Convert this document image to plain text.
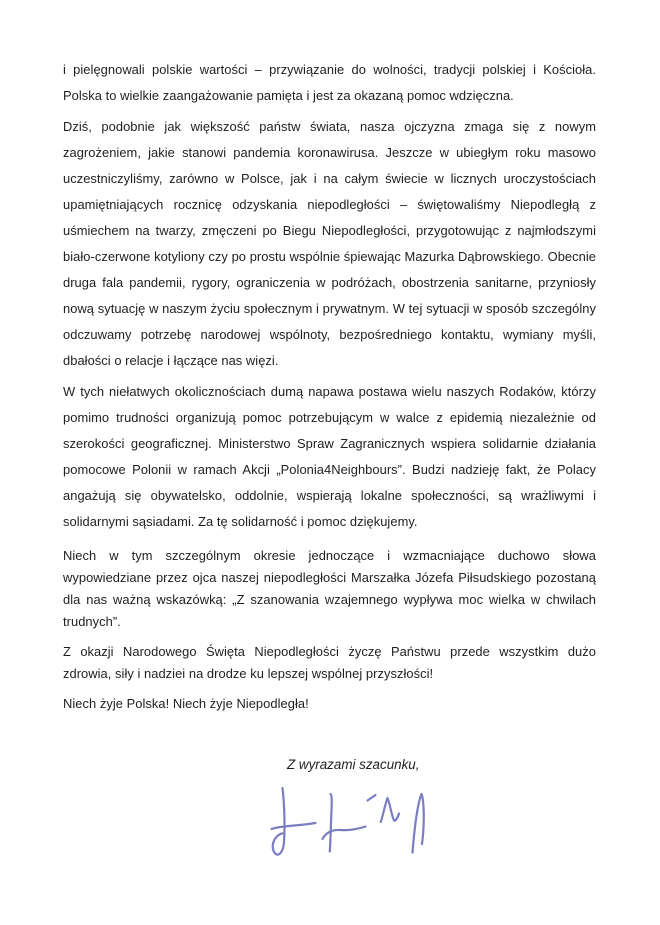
i pielęgnowali polskie wartości – przywiązanie do wolności, tradycji polskiej i Kościoła. Polska to wielkie zaangażowanie pamięta i jest za okazaną pomoc wdzięczna.

Dziś, podobnie jak większość państw świata, nasza ojczyzna zmaga się z nowym zagrożeniem, jakie stanowi pandemia koronawirusa. Jeszcze w ubiegłym roku masowo uczestniczyliśmy, zarówno w Polsce, jak i na całym świecie w licznych uroczystościach upamiętniających rocznicę odzyskania niepodległości – świętowaliśmy Niepodległą z uśmiechem na twarzy, zmęczeni po Biegu Niepodległości, przygotowując z najmłodszymi biało-czerwone kotyliony czy po prostu wspólnie śpiewając Mazurka Dąbrowskiego. Obecnie druga fala pandemii, rygory, ograniczenia w podróżach, obostrzenia sanitarne, przyniosły nową sytuację w naszym życiu społecznym i prywatnym. W tej sytuacji w sposób szczególny odczuwamy potrzebę narodowej wspólnoty, bezpośredniego kontaktu, wymiany myśli, dbałości o relacje i łączące nas więzi.

W tych niełatwych okolicznościach dumą napawa postawa wielu naszych Rodaków, którzy pomimo trudności organizują pomoc potrzebującym w walce z epidemią niezależnie od szerokości geograficznej. Ministerstwo Spraw Zagranicznych wspiera solidarnie działania pomocowe Polonii w ramach Akcji „Polonia4Neighbours”. Budzi nadzieję fakt, że Polacy angażują się obywatelsko, oddolnie, wspierają lokalne społeczności, są wrażliwymi i solidarnymi sąsiadami. Za tę solidarność i pomoc dziękujemy.

Niech w tym szczególnym okresie jednoczące i wzmacniające duchowo słowa wypowiedziane przez ojca naszej niepodległości Marszałka Józefa Piłsudskiego pozostaną dla nas ważną wskazówką: „Z szanowania wzajemnego wypływa moc wielka w chwilach trudnych”.

Z okazji Narodowego Święta Niepodległości życzę Państwu przede wszystkim dużo zdrowia, siły i nadziei na drodze ku lepszej wspólnej przyszłości!

Niech żyje Polska! Niech żyje Niepodległa!

Z wyrazami szacunku,
